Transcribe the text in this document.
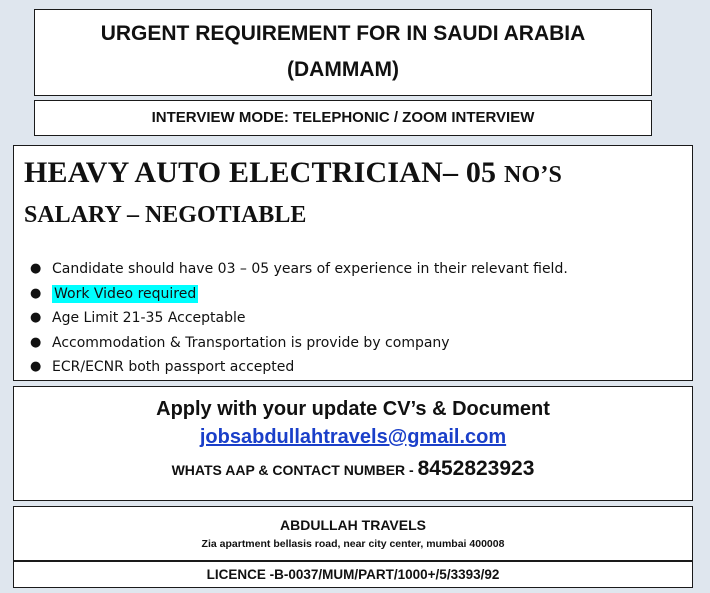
URGENT REQUIREMENT FOR IN SAUDI ARABIA
(DAMMAM)
INTERVIEW MODE: TELEPHONIC / ZOOM INTERVIEW
HEAVY AUTO ELECTRICIAN– 05 NO’S
SALARY – NEGOTIABLE
● Candidate should have 03 – 05 years of experience in their relevant field.
● Work Video required
● Age Limit 21-35 Acceptable
● Accommodation & Transportation is provide by company
● ECR/ECNR both passport accepted
Apply with your update CV’s & Document
jobsabdullahtravels@gmail.com
WHATS AAP & CONTACT NUMBER - 8452823923
ABDULLAH TRAVELS
Zia apartment bellasis road, near city center, mumbai 400008
LICENCE -B-0037/MUM/PART/1000+/5/3393/92
